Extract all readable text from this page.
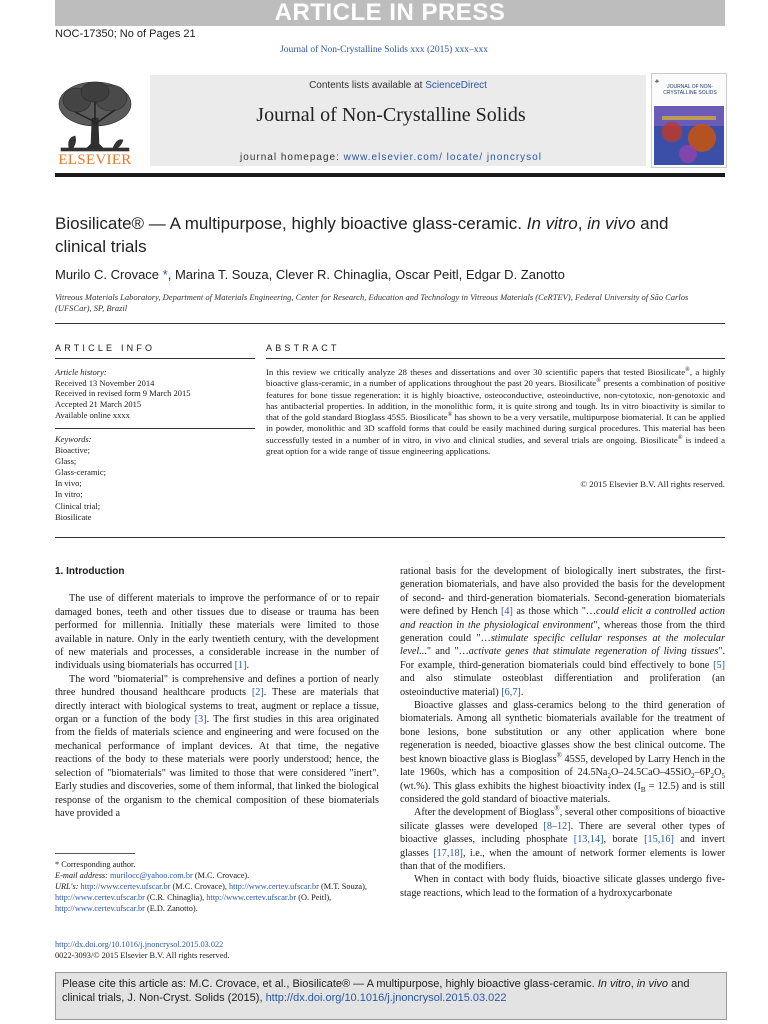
ARTICLE IN PRESS
NOC-17350; No of Pages 21
Journal of Non-Crystalline Solids xxx (2015) xxx–xxx
ELSEVIER
Contents lists available at ScienceDirect
Journal of Non-Crystalline Solids
journal homepage: www.elsevier.com/ locate/ jnoncrysol
♣
JOURNAL OF NON-CRYSTALLINE SOLIDS
Biosilicate® — A multipurpose, highly bioactive glass-ceramic. In vitro, in vivo and clinical trials
Murilo C. Crovace *, Marina T. Souza, Clever R. Chinaglia, Oscar Peitl, Edgar D. Zanotto
Vitreous Materials Laboratory, Department of Materials Engineering, Center for Research, Education and Technology in Vitreous Materials (CeRTEV), Federal University of São Carlos (UFSCar), SP, Brazil
ARTICLE INFO	ABSTRACT
Article history:
Received 13 November 2014
Received in revised form 9 March 2015
Accepted 21 March 2015
Available online xxxx
Keywords:
Bioactive;
Glass;
Glass-ceramic;
In vivo;
In vitro;
Clinical trial;
Biosilicate
In this review we critically analyze 28 theses and dissertations and over 30 scientific papers that tested Biosilicate®, a highly bioactive glass-ceramic, in a number of applications throughout the past 20 years. Biosilicate® presents a combination of positive features for bone tissue regeneration: it is highly bioactive, osteoconductive, osteoinductive, non-cytotoxic, non-genotoxic and has antibacterial properties. In addition, in the monolithic form, it is quite strong and tough. Its in vitro bioactivity is similar to that of the gold standard Bioglass 45S5. Biosilicate® has shown to be a very versatile, multipurpose biomaterial. It can be applied in powder, monolithic and 3D scaffold forms that could be easily machined during surgical procedures. This material has been successfully tested in a number of in vitro, in vivo and clinical studies, and several trials are ongoing. Biosilicate® is indeed a great option for a wide range of tissue engineering applications.
© 2015 Elsevier B.V. All rights reserved.
1. Introduction

The use of different materials to improve the performance of or to repair damaged bones, teeth and other tissues due to disease or trauma has been performed for millennia. Initially these materials were limited to those available in nature. Only in the early twentieth century, with the development of new materials and processes, a considerable increase in the number of individuals using biomaterials has occurred [1].

The word "biomaterial" is comprehensive and defines a portion of nearly three hundred thousand healthcare products [2]. These are materials that directly interact with biological systems to treat, augment or replace a tissue, organ or a function of the body [3]. The first studies in this area originated from the fields of materials science and engineering and were focused on the mechanical performance of implant devices. At that time, the negative reactions of the body to these materials were poorly understood; hence, the selection of "biomaterials" was limited to those that were considered "inert". Early studies and discoveries, some of them informal, that linked the biological response of the organism to the chemical composition of these biomaterials have provided a

rational basis for the development of biologically inert substrates, the first-generation biomaterials, and have also provided the basis for the development of second- and third-generation biomaterials. Second-generation biomaterials were defined by Hench [4] as those which "…could elicit a controlled action and reaction in the physiological environment", whereas those from the third generation could "…stimulate specific cellular responses at the molecular level..." and "…activate genes that stimulate regeneration of living tissues". For example, third-generation biomaterials could bind effectively to bone [5] and also stimulate osteoblast differentiation and proliferation (an osteoinductive material) [6,7].

Bioactive glasses and glass-ceramics belong to the third generation of biomaterials. Among all synthetic biomaterials available for the treatment of bone lesions, bone substitution or any other application where bone regeneration is needed, bioactive glasses show the best clinical outcome. The best known bioactive glass is Bioglass® 45S5, developed by Larry Hench in the late 1960s, which has a composition of $24.5Na_2O-24.5CaO-45SiO_2-6P_2O_5$ (wt.%). This glass exhibits the highest bioactivity index $(I_B = 12.5)$ and is still considered the gold standard of bioactive materials.

After the development of Bioglass®, several other compositions of bioactive silicate glasses were developed [8–12]. There are several other types of bioactive glasses, including phosphate [13,14], borate [15,16] and invert glasses [17,18], i.e., when the amount of network former elements is lower than that of the modifiers.

When in contact with body fluids, bioactive silicate glasses undergo five-stage reactions, which lead to the formation of a hydroxycarbonate

* Corresponding author.
E-mail address: murilocc@yahoo.com.br (M.C. Crovace).
URL's: http://www.certev.ufscar.br (M.C. Crovace), http://www.certev.ufscar.br (M.T. Souza), http://www.certev.ufscar.br (C.R. Chinaglia), http://www.certev.ufscar.br (O. Peitl), http://www.certev.ufscar.br (E.D. Zanotto).
http://dx.doi.org/10.1016/j.jnoncrysol.2015.03.022
0022-3093/© 2015 Elsevier B.V. All rights reserved.
Please cite this article as: M.C. Crovace, et al., Biosilicate® — A multipurpose, highly bioactive glass-ceramic. In vitro, in vivo and clinical trials, J. Non-Cryst. Solids (2015), http://dx.doi.org/10.1016/j.jnoncrysol.2015.03.022
